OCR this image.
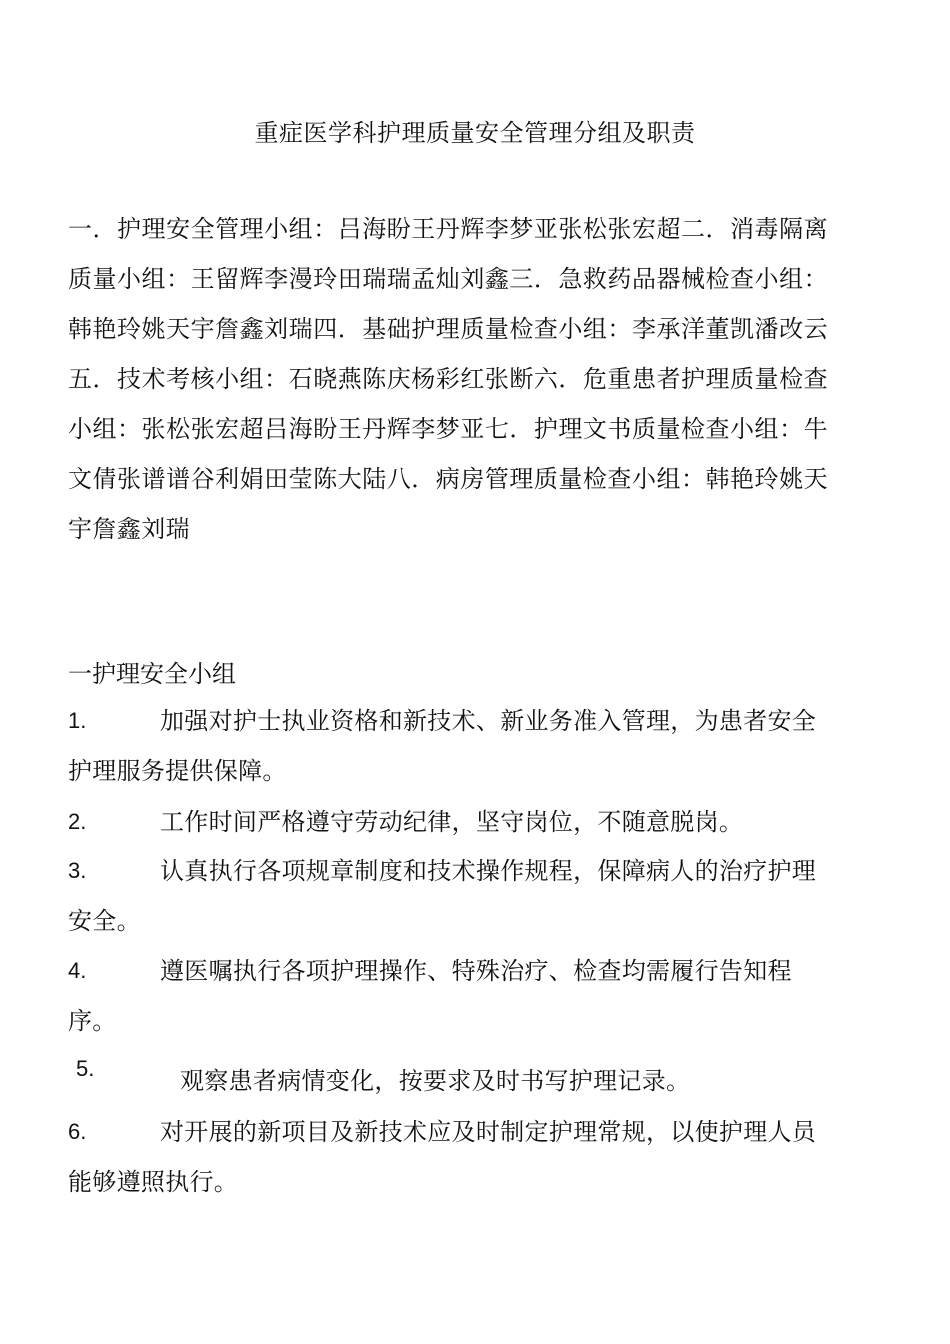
重症医学科护理质量安全管理分组及职责
一．护理安全管理小组：吕海盼王丹辉李梦亚张松张宏超二．消毒隔离质量小组：王留辉李漫玲田瑞瑞孟灿刘鑫三．急救药品器械检查小组：韩艳玲姚天宇詹鑫刘瑞四．基础护理质量检查小组：李承洋董凯潘改云五．技术考核小组：石晓燕陈庆杨彩红张断六．危重患者护理质量检查小组：张松张宏超吕海盼王丹辉李梦亚七．护理文书质量检查小组：牛文倩张谱谱谷利娟田莹陈大陆八．病房管理质量检查小组：韩艳玲姚天宇詹鑫刘瑞
一护理安全小组
1.	加强对护士执业资格和新技术、新业务准入管理，为患者安全护理服务提供保障。
2.	工作时间严格遵守劳动纪律，坚守岗位，不随意脱岗。
3.	认真执行各项规章制度和技术操作规程，保障病人的治疗护理安全。
4.	遵医嘱执行各项护理操作、特殊治疗、检查均需履行告知程序。
5.	观察患者病情变化，按要求及时书写护理记录。
6.	对开展的新项目及新技术应及时制定护理常规，以使护理人员能够遵照执行。
